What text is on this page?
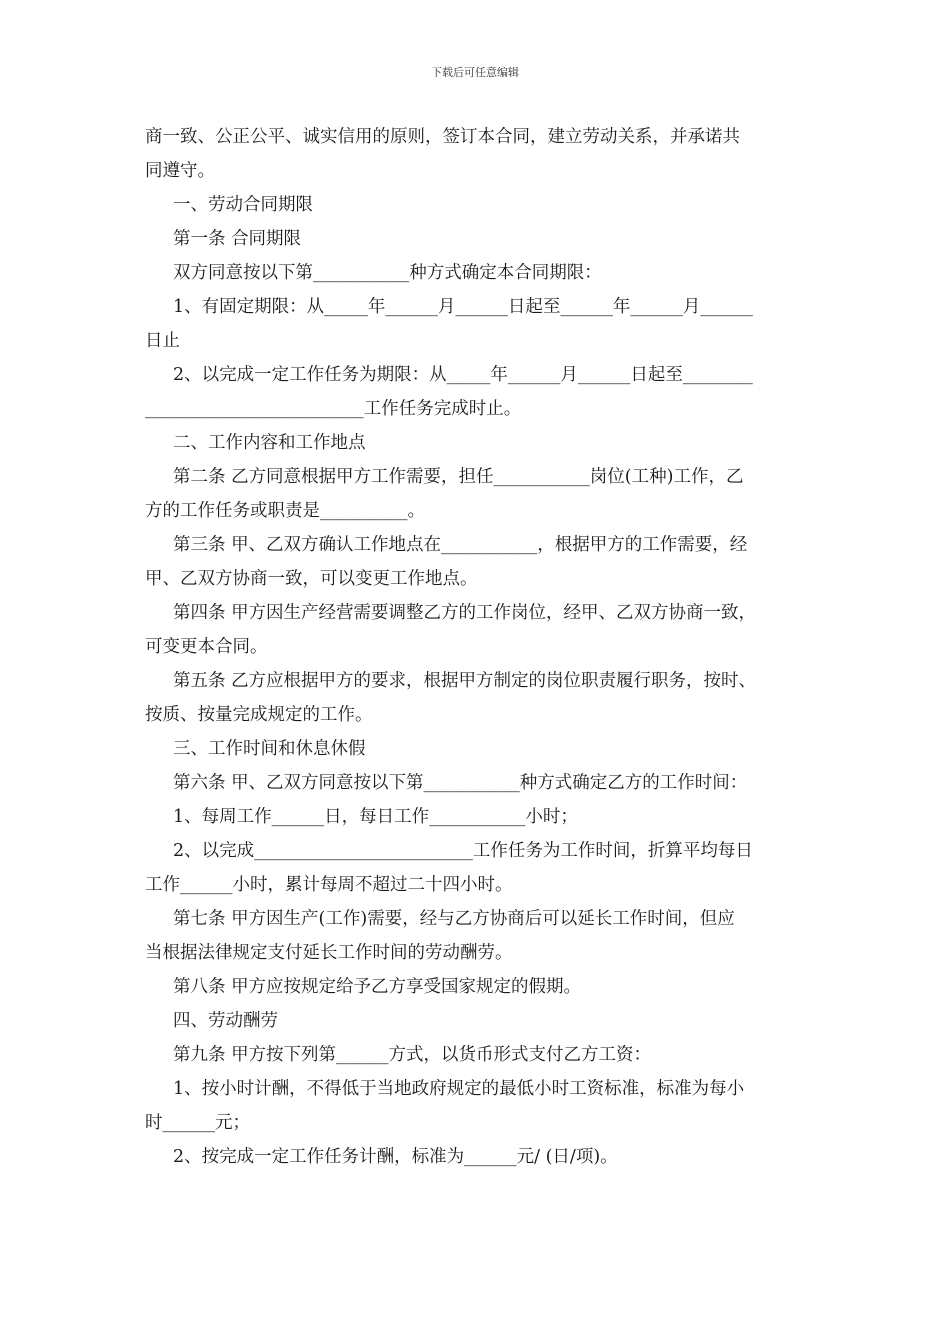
下载后可任意编辑
商一致、公正公平、诚实信用的原则，签订本合同，建立劳动关系，并承诺共
同遵守。
一、劳动合同期限
第一条 合同期限
双方同意按以下第___________种方式确定本合同期限：
1、有固定期限：从_____年______月______日起至______年______月______
日止
2、以完成一定工作任务为期限：从_____年______月______日起至________
_________________________工作任务完成时止。
二、工作内容和工作地点
第二条 乙方同意根据甲方工作需要，担任___________岗位(工种)工作，乙
方的工作任务或职责是__________。
第三条 甲、乙双方确认工作地点在___________，根据甲方的工作需要，经
甲、乙双方协商一致，可以变更工作地点。
第四条 甲方因生产经营需要调整乙方的工作岗位，经甲、乙双方协商一致，
可变更本合同。
第五条 乙方应根据甲方的要求，根据甲方制定的岗位职责履行职务，按时、
按质、按量完成规定的工作。
三、工作时间和休息休假
第六条 甲、乙双方同意按以下第___________种方式确定乙方的工作时间：
1、每周工作______日，每日工作___________小时；
2、以完成_________________________工作任务为工作时间，折算平均每日
工作______小时，累计每周不超过二十四小时。
第七条 甲方因生产(工作)需要，经与乙方协商后可以延长工作时间，但应
当根据法律规定支付延长工作时间的劳动酬劳。
第八条 甲方应按规定给予乙方享受国家规定的假期。
四、劳动酬劳
第九条 甲方按下列第______方式，以货币形式支付乙方工资：
1、按小时计酬，不得低于当地政府规定的最低小时工资标准，标准为每小
时______元；
2、按完成一定工作任务计酬，标准为______元/ (日/项)。
